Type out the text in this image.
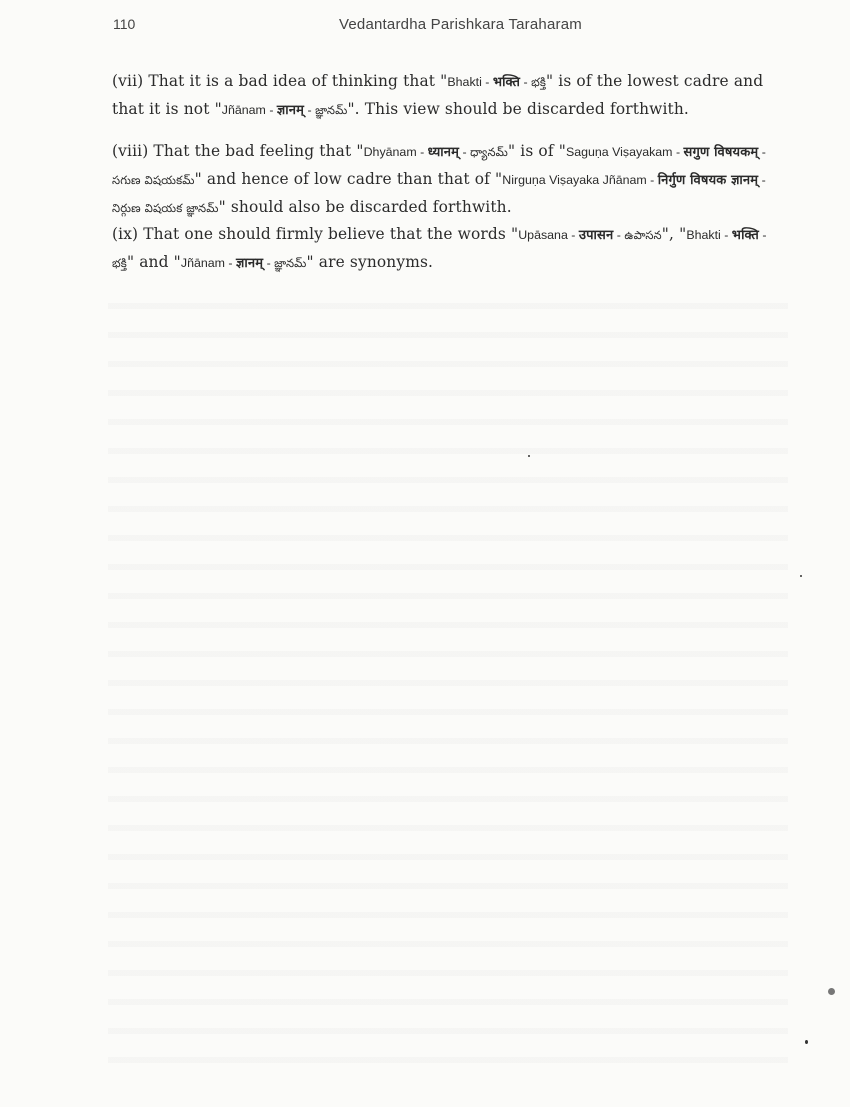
110	Vedantardha Parishkara Taraharam

(vii) That it is a bad idea of thinking that "Bhakti - भक्ति - భక్తి" is of the lowest cadre and that it is not "Jñānam - ज्ञानम् - జ్ఞానమ్". This view should be discarded forthwith.

(viii) That the bad feeling that "Dhyānam - ध्यानम् - ధ్యానమ్" is of "Saguṇa Viṣayakam - सगुण विषयकम् - సగుణ విషయకమ్" and hence of low cadre than that of "Nirguṇa Viṣayaka Jñānam - निर्गुण विषयक ज्ञानम् - నిర్గుణ విషయక జ్ఞానమ్" should also be discarded forthwith.

(ix) That one should firmly believe that the words "Upāsana - उपासन - ఉపాసన", "Bhakti - भक्ति - భక్తి" and "Jñānam - ज्ञानम् - జ్ఞానమ్" are synonyms.
